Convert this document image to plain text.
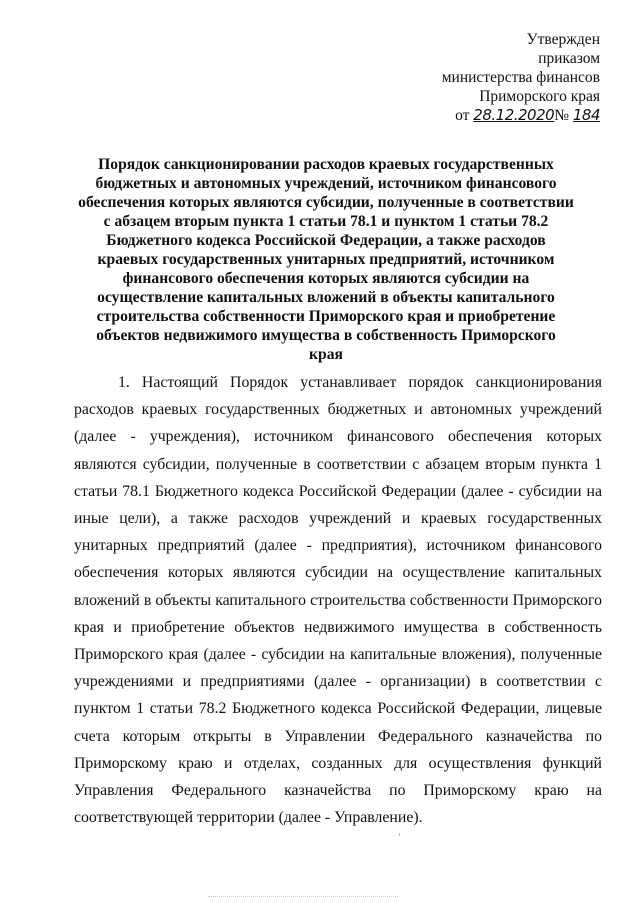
Утвержден
приказом
министерства финансов
Приморского края
от 28.12.2020№ 184
Порядок санкционировании расходов краевых государственных бюджетных и автономных учреждений, источником финансового обеспечения которых являются субсидии, полученные в соответствии с абзацем вторым пункта 1 статьи 78.1 и пунктом 1 статьи 78.2 Бюджетного кодекса Российской Федерации, а также расходов краевых государственных унитарных предприятий, источником финансового обеспечения которых являются субсидии на осуществление капитальных вложений в объекты капитального строительства собственности Приморского края и приобретение объектов недвижимого имущества в собственность Приморского края

1. Настоящий Порядок устанавливает порядок санкционирования расходов краевых государственных бюджетных и автономных учреждений (далее - учреждения), источником финансового обеспечения которых являются субсидии, полученные в соответствии с абзацем вторым пункта 1 статьи 78.1 Бюджетного кодекса Российской Федерации (далее - субсидии на иные цели), а также расходов учреждений и краевых государственных унитарных предприятий (далее - предприятия), источником финансового обеспечения которых являются субсидии на осуществление капитальных вложений в объекты капитального строительства собственности Приморского края и приобретение объектов недвижимого имущества в собственность Приморского края (далее - субсидии на капитальные вложения), полученные учреждениями и предприятиями (далее - организации) в соответствии с пунктом 1 статьи 78.2 Бюджетного кодекса Российской Федерации, лицевые счета которым открыты в Управлении Федерального казначейства по Приморскому краю и отделах, созданных для осуществления функций Управления Федерального казначейства по Приморскому краю на соответствующей территории (далее - Управление).
